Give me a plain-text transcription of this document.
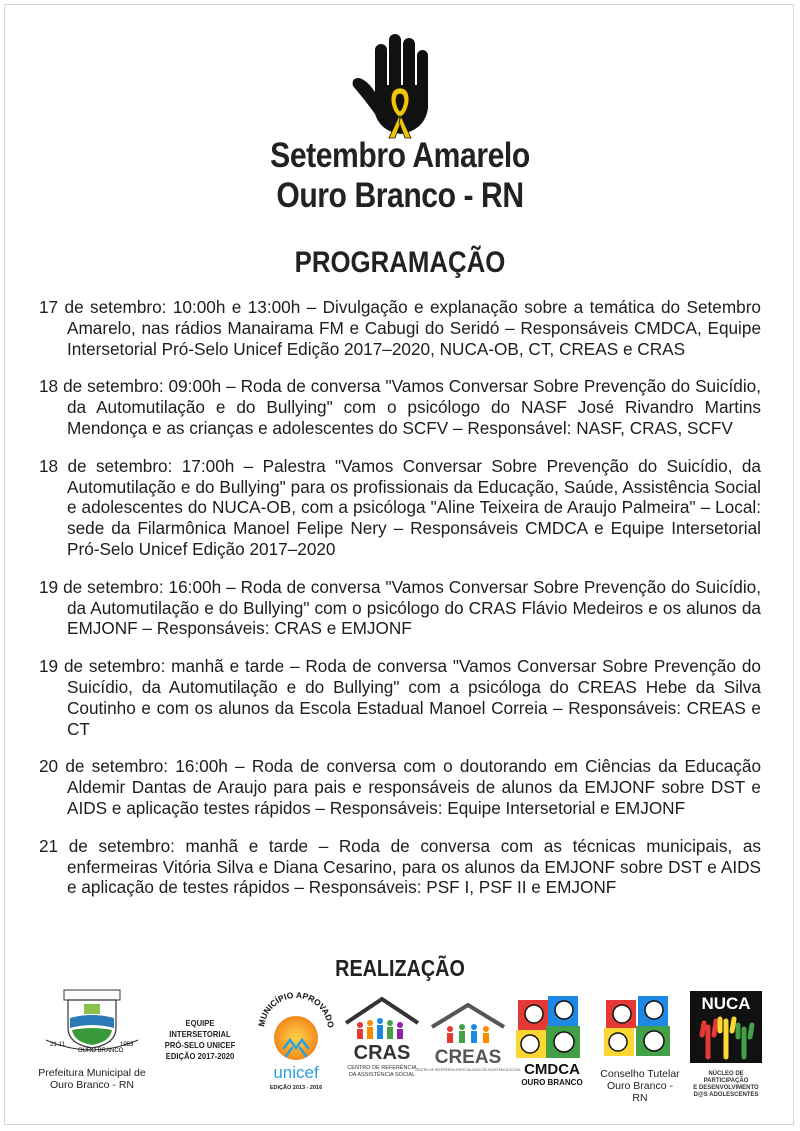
Setembro Amarelo
Ouro Branco - RN
PROGRAMAÇÃO
17 de setembro: 10:00h e 13:00h – Divulgação e explanação sobre a temática do Setembro Amarelo, nas rádios Manairama FM e Cabugi do Seridó – Responsáveis CMDCA, Equipe Intersetorial Pró-Selo Unicef Edição 2017–2020, NUCA-OB, CT, CREAS e CRAS
18 de setembro: 09:00h – Roda de conversa "Vamos Conversar Sobre Prevenção do Suicídio, da Automutilação e do Bullying" com o psicólogo do NASF José Rivandro Martins Mendonça e as crianças e adolescentes do SCFV – Responsável: NASF, CRAS, SCFV
18 de setembro: 17:00h – Palestra "Vamos Conversar Sobre Prevenção do Suicídio, da Automutilação e do Bullying" para os profissionais da Educação, Saúde, Assistência Social e adolescentes do NUCA-OB, com a psicóloga "Aline Teixeira de Araujo Palmeira" – Local: sede da Filarmônica Manoel Felipe Nery – Responsáveis CMDCA e Equipe Intersetorial Pró-Selo Unicef Edição 2017–2020
19 de setembro: 16:00h – Roda de conversa "Vamos Conversar Sobre Prevenção do Suicídio, da Automutilação e do Bullying" com o psicólogo do CRAS Flávio Medeiros e os alunos da EMJONF – Responsáveis: CRAS e EMJONF
19 de setembro: manhã e tarde – Roda de conversa "Vamos Conversar Sobre Prevenção do Suicídio, da Automutilação e do Bullying" com a psicóloga do CREAS Hebe da Silva Coutinho e com os alunos da Escola Estadual Manoel Correia – Responsáveis: CREAS e CT
20 de setembro: 16:00h – Roda de conversa com o doutorando em Ciências da Educação Aldemir Dantas de Araujo para pais e responsáveis de alunos da EMJONF sobre DST e AIDS e aplicação testes rápidos – Responsáveis: Equipe Intersetorial e EMJONF
21 de setembro: manhã e tarde – Roda de conversa com as técnicas municipais, as enfermeiras Vitória Silva e Diana Cesarino, para os alunos da EMJONF sobre DST e AIDS e aplicação de testes rápidos – Responsáveis: PSF I, PSF II e EMJONF
REALIZAÇÃO
21-11
OURO BRANCO
1953
Prefeitura Municipal de
Ouro Branco - RN
EQUIPE INTERSETORIAL
PRÓ-SELO UNICEF
EDIÇÃO 2017-2020
MUNICÍPIO APROVADO
unicef
EDIÇÃO 2013 - 2016
CRAS
CENTRO DE REFERÊNCIA
DA ASSISTÊNCIA SOCIAL
CREAS
CENTRO DE REFERÊNCIA ESPECIALIZADO DE ASSISTÊNCIA SOCIAL CMDCA
OURO BRANCO
Conselho Tutelar
Ouro Branco - RN
NUCA
NÚCLEO DE PARTICIPAÇÃO
E DESENVOLVIMENTO
D@S ADOLESCENTES
